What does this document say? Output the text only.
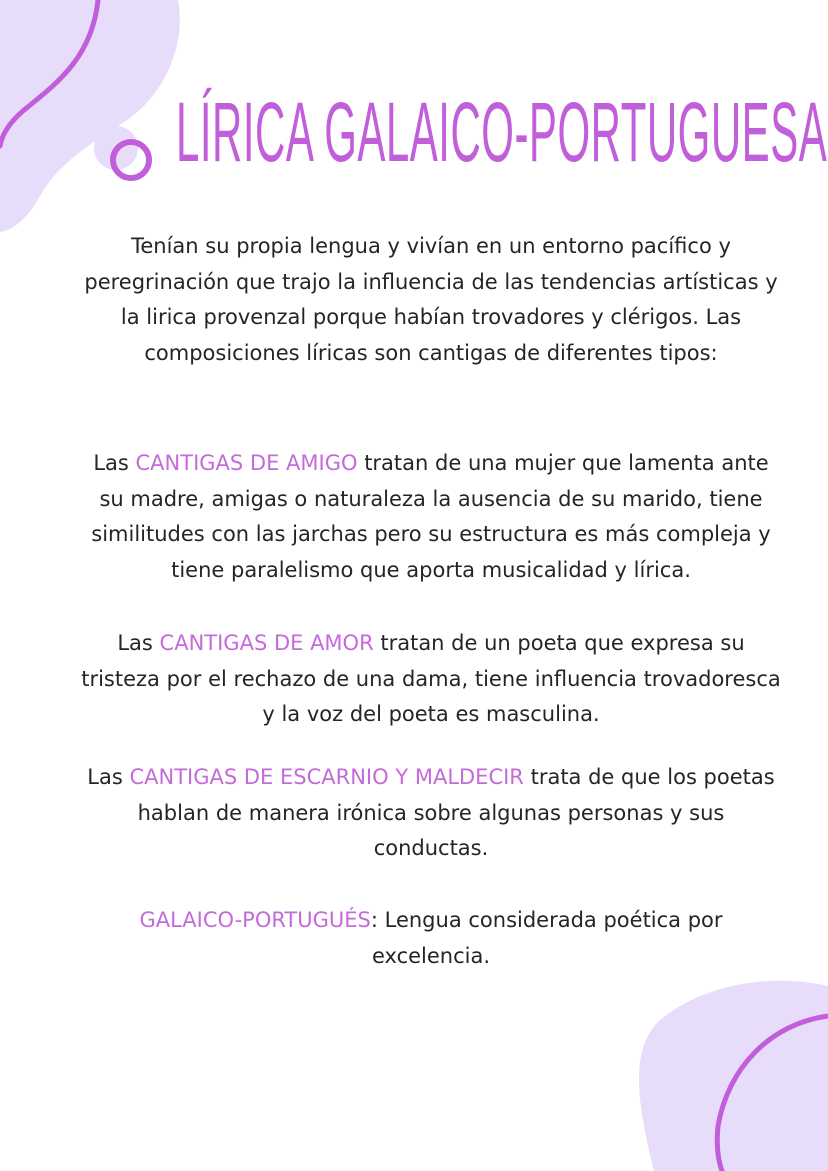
LÍRICA GALAICO-PORTUGUESA

Tenían su propia lengua y vivían en un entorno pacífico y peregrinación que trajo la influencia de las tendencias artísticas y la lirica provenzal porque habían trovadores y clérigos. Las composiciones líricas son cantigas de diferentes tipos:

Las CANTIGAS DE AMIGO tratan de una mujer que lamenta ante su madre, amigas o naturaleza la ausencia de su marido, tiene similitudes con las jarchas pero su estructura es más compleja y tiene paralelismo que aporta musicalidad y lírica.

Las CANTIGAS DE AMOR tratan de un poeta que expresa su tristeza por el rechazo de una dama, tiene influencia trovadoresca y la voz del poeta es masculina.

Las CANTIGAS DE ESCARNIO Y MALDECIR trata de que los poetas hablan de manera irónica sobre algunas personas y sus conductas.

GALAICO-PORTUGUÉS: Lengua considerada poética por excelencia.
